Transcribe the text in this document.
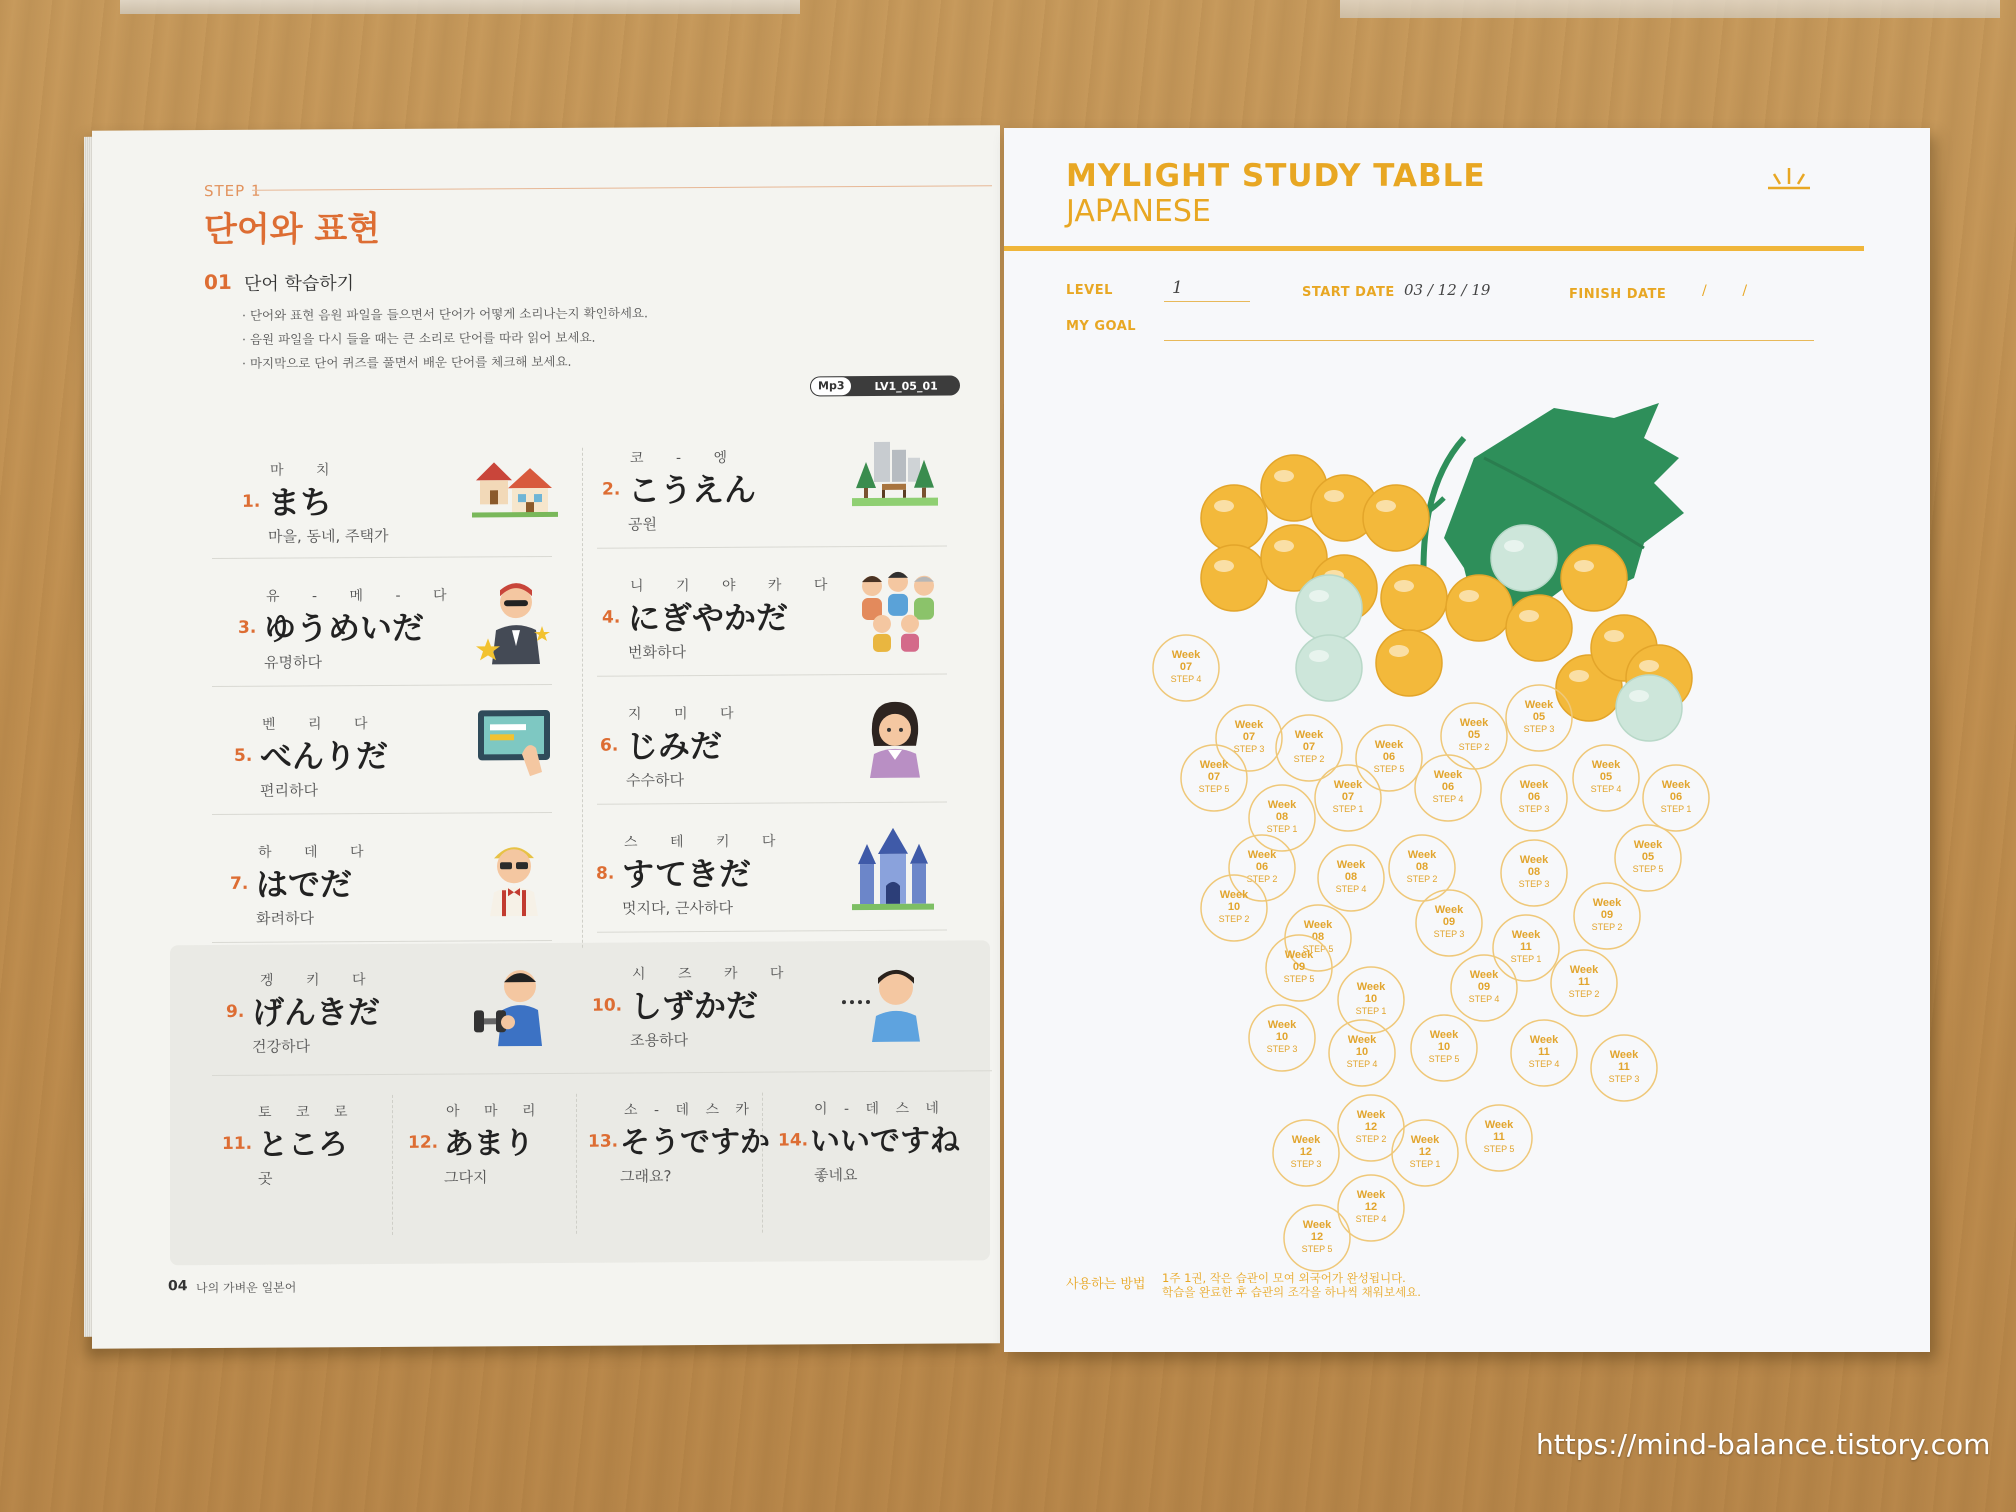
STEP 1
단어와 표현
01 단어 학습하기
· 단어와 표현 음원 파일을 들으면서 단어가 어떻게 소리나는지 확인하세요.
· 음원 파일을 다시 들을 때는 큰 소리로 단어를 따라 읽어 보세요.
· 마지막으로 단어 퀴즈를 풀면서 배운 단어를 체크해 보세요.
Mp3	LV1_05_01
1.
마 치
まち
마을, 동네, 주택가
2.
코 - 엥
こうえん
공원
3.
유 - 메 - 다
ゆうめいだ
유명하다
4.
니 기 야 카 다
にぎやかだ
번화하다
5.
벤 리 다
べんりだ
편리하다
6.
지 미 다
じみだ
수수하다
7.
하 데 다
はでだ
화려하다
8.
스 테 키 다
すてきだ
멋지다, 근사하다
9.
겡 키 다
げんきだ
건강하다
10.
시 즈 카 다
しずかだ
조용하다
11.
토 코 로
ところ
곳
12.
아 마 리
あまり
그다지
13.
소 - 데 스 카
そうですか
그래요?
14.
이 - 데 스 네
いいですね
좋네요
04 나의 가벼운 일본어
MYLIGHT STUDY TABLE
JAPANESE
LEVEL	1	START DATE 03 / 12 / 19	FINISH DATE	/        /
MY GOAL
Week
07
STEP 4
Week
07
STEP 3
Week
07
STEP 2
Week
06
STEP 5
Week
05
STEP 2
Week
05
STEP 3
Week
07
STEP 5
Week
08
STEP 1
Week
07
STEP 1
Week
06
STEP 4
Week
06
STEP 3
Week
05
STEP 4	Week
06
STEP 1
Week
05
STEP 5
Week
06
STEP 2
Week
08
STEP 2
Week
08
STEP 3
Week
08
STEP 4
Week
08
STEP 5
Week
10
STEP 2
Week
09
STEP 3
Week
09
STEP 2
Week
10
STEP 1
Week
09
STEP 5	Week
09
STEP 4
Week
11
STEP 2
Week
11
STEP 1
Week
11
STEP 3
Week
10
STEP 3
Week
10
STEP 4
Week
10
STEP 5
Week
11
STEP 4
Week
12
STEP 2
Week
12
STEP 3
Week
12
STEP 1
Week
11
STEP 5
Week
12
STEP 4
Week
12
STEP 5
사용하는 방법 1주 1권, 작은 습관이 모여 외국어가 완성됩니다.
학습을 완료한 후 습관의 조각을 하나씩 채워보세요.
https://mind-balance.tistory.com
